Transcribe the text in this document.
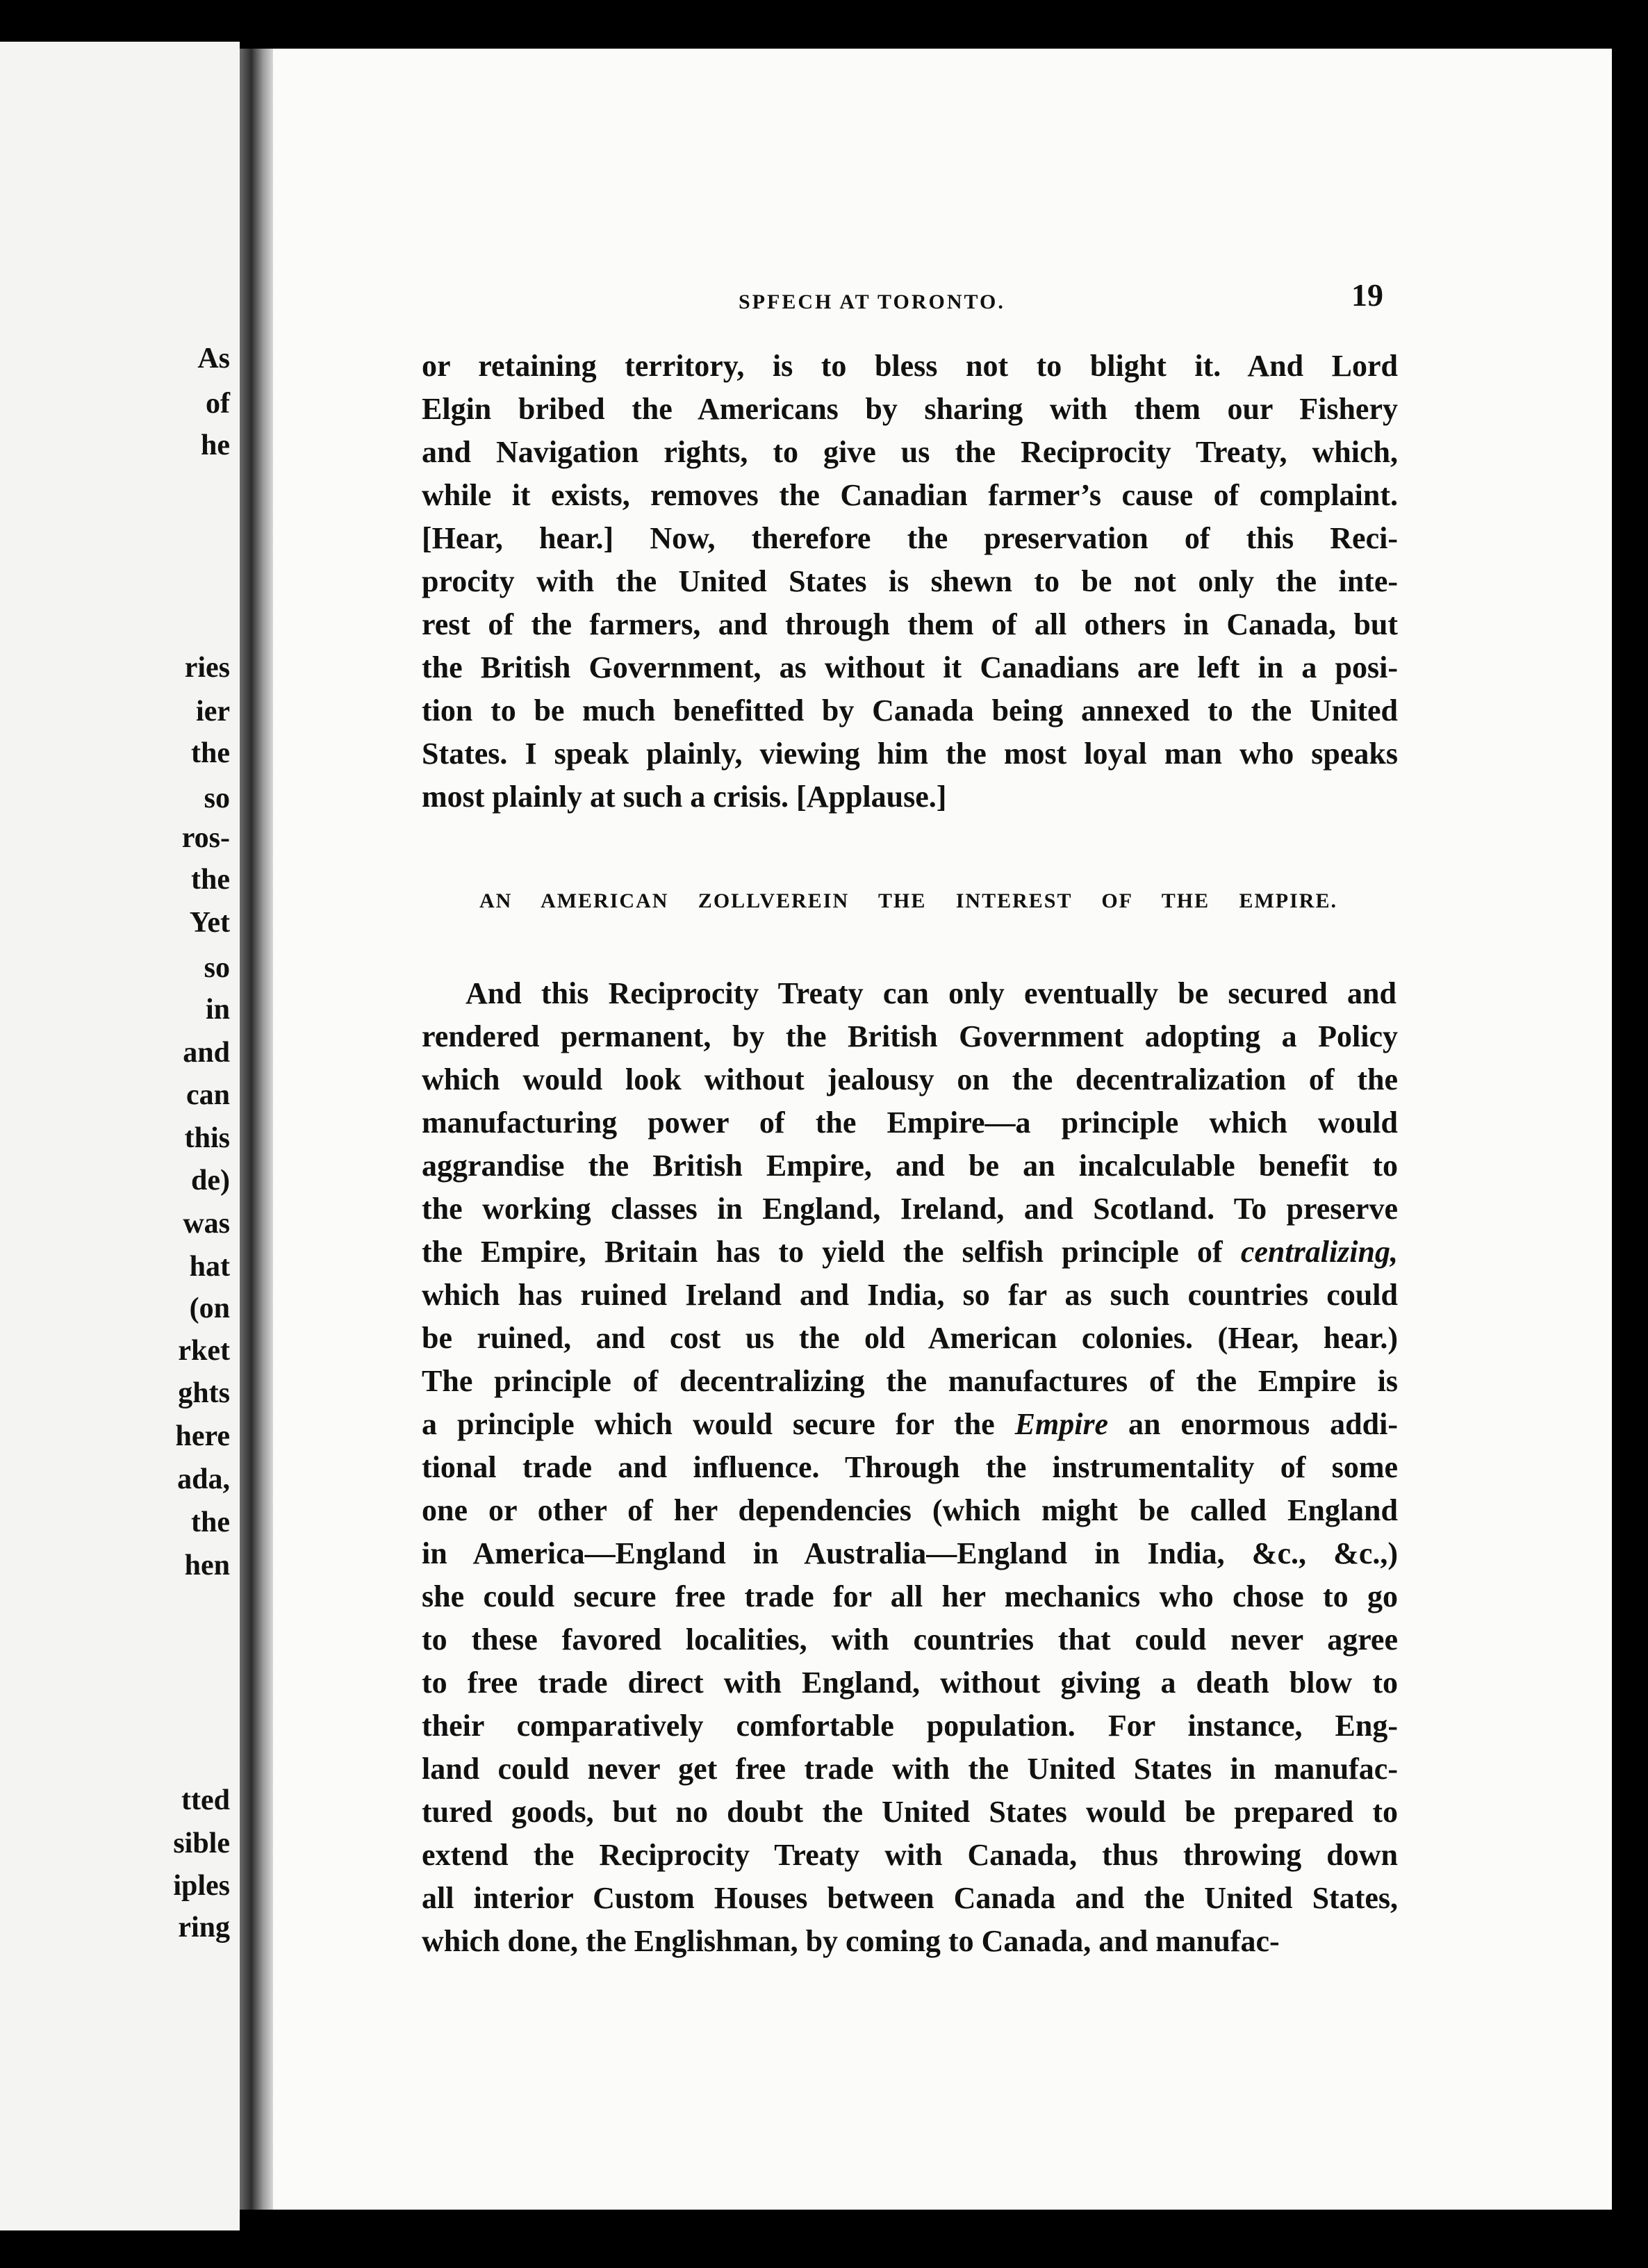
As
of
he
ries
ier
the
so
ros-
the
Yet
so
in
and
can
this
de)
was
hat
(on
rket
ghts
here
ada,
the
hen
tted
sible
iples
ring
SPFECH AT TORONTO.	19
or retaining territory, is to bless not to blight it. And Lord
Elgin bribed the Americans by sharing with them our Fishery
and Navigation rights, to give us the Reciprocity Treaty, which,
while it exists, removes the Canadian farmer’s cause of complaint.
[Hear, hear.] Now, therefore the preservation of this Reci-
procity with the United States is shewn to be not only the inte-
rest of the farmers, and through them of all others in Canada, but
the British Government, as without it Canadians are left in a posi-
tion to be much benefitted by Canada being annexed to the United
States. I speak plainly, viewing him the most loyal man who speaks
most plainly at such a crisis. [Applause.]
AN AMERICAN ZOLLVEREIN THE INTEREST OF THE EMPIRE.
And this Reciprocity Treaty can only eventually be secured and
rendered permanent, by the British Government adopting a Policy
which would look without jealousy on the decentralization of the
manufacturing power of the Empire—a principle which would
aggrandise the British Empire, and be an incalculable benefit to
the working classes in England, Ireland, and Scotland. To preserve
the Empire, Britain has to yield the selfish principle of centralizing,
which has ruined Ireland and India, so far as such countries could
be ruined, and cost us the old American colonies. (Hear, hear.)
The principle of decentralizing the manufactures of the Empire is
a principle which would secure for the Empire an enormous addi-
tional trade and influence. Through the instrumentality of some
one or other of her dependencies (which might be called England
in America—England in Australia—England in India, &c., &c.,)
she could secure free trade for all her mechanics who chose to go
to these favored localities, with countries that could never agree
to free trade direct with England, without giving a death blow to
their comparatively comfortable population. For instance, Eng-
land could never get free trade with the United States in manufac-
tured goods, but no doubt the United States would be prepared to
extend the Reciprocity Treaty with Canada, thus throwing down
all interior Custom Houses between Canada and the United States,
which done, the Englishman, by coming to Canada, and manufac-
